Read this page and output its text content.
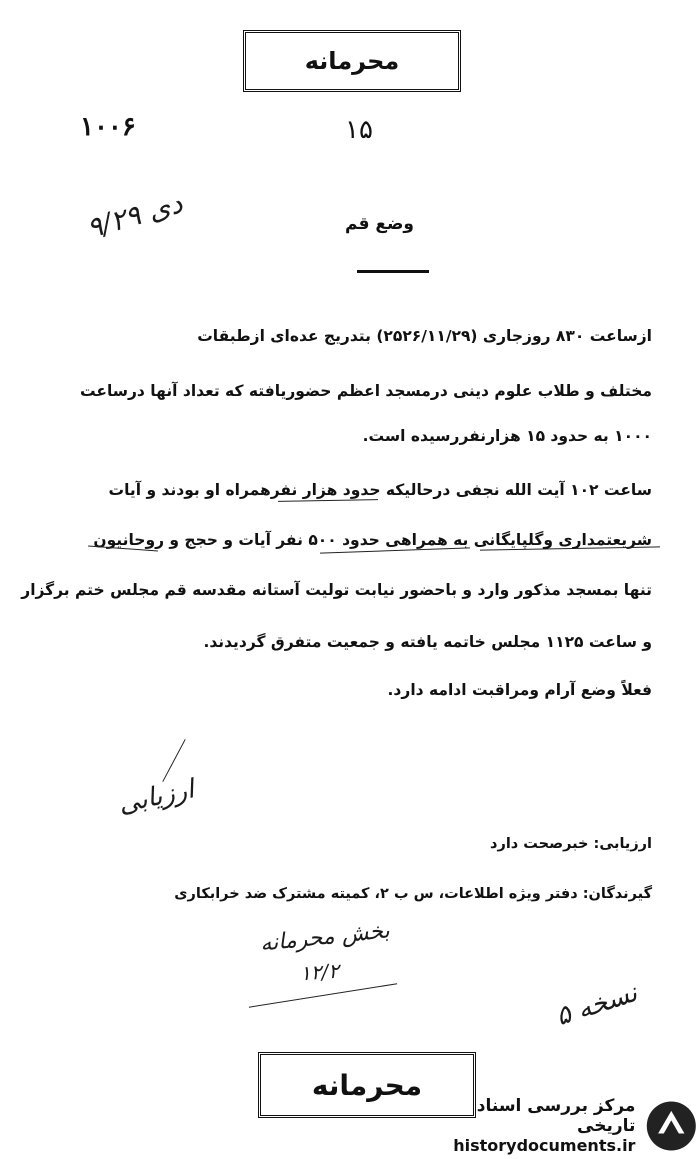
محرمانه
۱۰۰۶	۱۵
۹/۲۹ دی	وضع قم
ازساعت ۸۳۰ روزجاری (۲۵۲۶/۱۱/۲۹) بتدریج عده‌ای ازطبقات
مختلف و طلاب علوم دینی درمسجد اعظم حضوریافته که تعداد آنها درساعت
۱۰۰۰ به حدود ۱۵ هزارنفررسیده است.
ساعت ۱۰۲ آیت الله نجفی درحالیکه حدود هزار نفرهمراه او بودند و آیات
شریعتمداری وگلپایگانی به همراهی حدود ۵۰۰ نفر آیات و حجج و روحانیون
تنها بمسجد مذکور وارد و باحضور نیابت تولیت آستانه مقدسه قم مجلس ختم برگزار
و ساعت ۱۱۲۵ مجلس خاتمه یافته و جمعیت متفرق گردیدند.
فعلاً وضع آرام ومراقبت ادامه دارد.
ارزیابی
ارزیابی: خبرصحت دارد
گیرندگان: دفتر ویژه اطلاعات، س ب ۲، کمیته مشترک ضد خرابکاری
بخش محرمانه
۱۲/۲
۵ نسخه
محرمانه
مرکز بررسی اسناد تاریخی
historydocuments.ir
